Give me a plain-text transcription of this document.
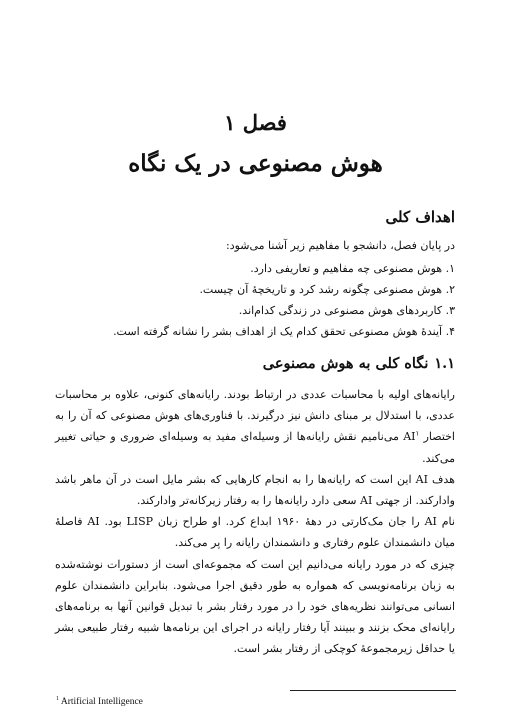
فصل ۱
هوش مصنوعی در یک نگاه
اهداف کلی
در پایان فصل، دانشجو با مفاهیم زیر آشنا می‌شود:
۱. هوش مصنوعی چه مفاهیم و تعاریفی دارد.
۲. هوش مصنوعی چگونه رشد کرد و تاریخچهٔ آن چیست.
۳. کاربردهای هوش مصنوعی در زندگی کدام‌اند.
۴. آیندهٔ هوش مصنوعی تحقق کدام یک از اهداف بشر را نشانه گرفته است.
۱.۱نگاه کلی به هوش مصنوعی

رایانه‌های اولیه با محاسبات عددی در ارتباط بودند. رایانه‌های کنونی، علاوه بر محاسبات عددی، با استدلال بر مبنای دانش نیز درگیرند. با فناوری‌های هوش مصنوعی که آن را به اختصار $AI^۱$ می‌نامیم نقش رایانه‌ها از وسیله‌ای مفید به وسیله‌ای ضروری و حیاتی تغییر می‌کند.

هدف AI این است که رایانه‌ها را به انجام کارهایی که بشر مایل است در آن ماهر باشد وادارکند. از جهتی AI سعی دارد رایانه‌ها را به رفتار زیرکانه‌تر وادارکند.

نام AI را جان مک‌کارتی در دههٔ ۱۹۶۰ ابداع کرد. او طراح زبان LISP بود. AI فاصلهٔ میان دانشمندان علوم رفتاری و دانشمندان رایانه را پر می‌کند.

چیزی که در مورد رایانه می‌دانیم این است که مجموعه‌ای است از دستورات نوشته‌شده به زبان برنامه‌نویسی که همواره به طور دقیق اجرا می‌شود. بنابراین دانشمندان علوم انسانی می‌توانند نظریه‌های خود را در مورد رفتار بشر با تبدیل قوانین آنها به برنامه‌های رایانه‌ای محک بزنند و ببینند آیا رفتار رایانه در اجرای این برنامه‌ها شبیه رفتار طبیعی بشر یا حداقل زیرمجموعهٔ کوچکی از رفتار بشر است.

$^1$ Artificial Intelligence
